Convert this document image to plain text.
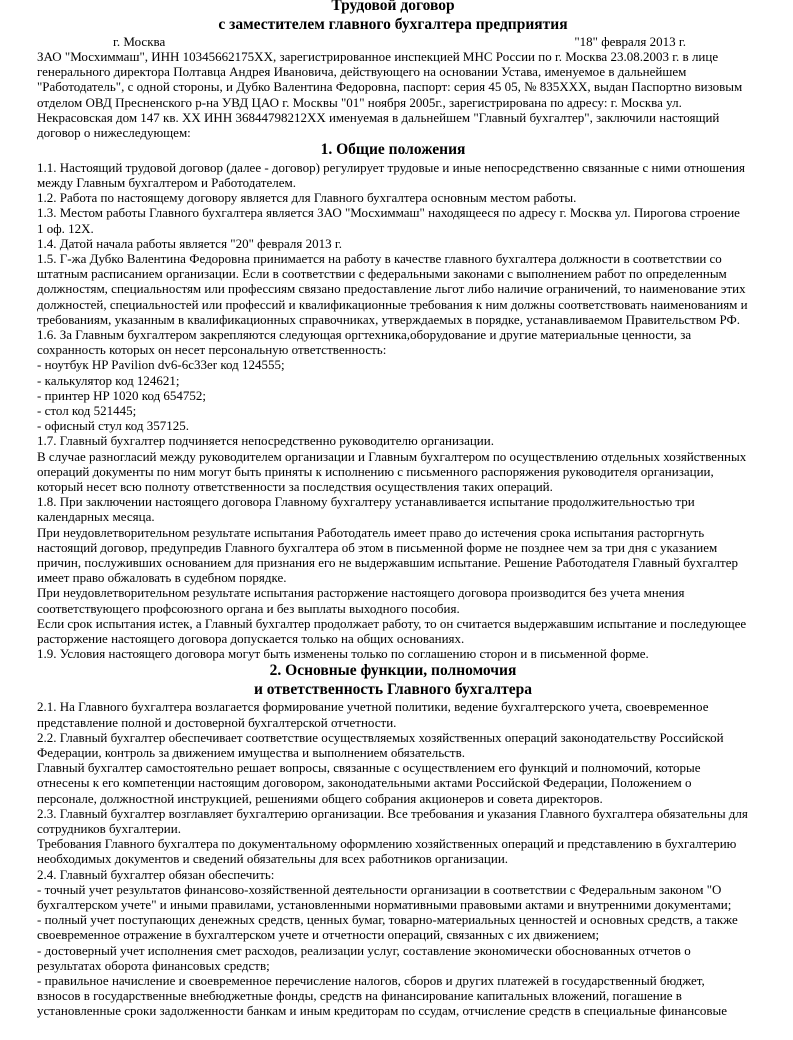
Трудовой договор
с заместителем главного бухгалтера предприятия
г. Москва	"18" февраля 2013 г.
ЗАО "Мосхиммаш", ИНН 10345662175XX, зарегистрированное инспекцией МНС России по г. Москва 23.08.2003 г. в лице генерального директора Полтавца Андрея Ивановича, действующего на основании Устава, именуемое в дальнейшем "Работодатель", с одной стороны, и Дубко Валентина Федоровна, паспорт: серия 45 05, № 835XXX, выдан Паспортно визовым отделом ОВД Пресненского р-на УВД ЦАО г. Москвы "01" ноября 2005г., зарегистрирована по адресу: г. Москва ул. Некрасовская дом 147 кв. XX ИНН 36844798212XX именуемая в дальнейшем "Главный бухгалтер", заключили настоящий договор о нижеследующем:
1. Общие положения
1.1. Настоящий трудовой договор (далее - договор) регулирует трудовые и иные непосредственно связанные с ними отношения между Главным бухгалтером и Работодателем.
1.2. Работа по настоящему договору является для Главного бухгалтера основным местом работы.
1.3. Местом работы Главного бухгалтера является ЗАО "Мосхиммаш" находящееся по адресу г. Москва ул. Пирогова строение 1 оф. 12X.
1.4. Датой начала работы является "20" февраля 2013 г.
1.5. Г-жа Дубко Валентина Федоровна принимается на работу в качестве главного бухгалтера должности в соответствии со штатным расписанием организации. Если в соответствии с федеральными законами с выполнением работ по определенным должностям, специальностям или профессиям связано предоставление льгот либо наличие ограничений, то наименование этих должностей, специальностей или профессий и квалификационные требования к ним должны соответствовать наименованиям и требованиям, указанным в квалификационных справочниках, утверждаемых в порядке, устанавливаемом Правительством РФ.
1.6. За Главным бухгалтером закрепляются следующая оргтехника,оборудование и другие материальные ценности, за сохранность которых он несет персональную ответственность:
- ноутбук HP Pavilion dv6-6c33er код 124555;
- калькулятор код 124621;
- принтер HP 1020 код 654752;
- стол код 521445;
- офисный стул код 357125.
1.7. Главный бухгалтер подчиняется непосредственно руководителю организации.
В случае разногласий между руководителем организации и Главным бухгалтером по осуществлению отдельных хозяйственных операций документы по ним могут быть приняты к исполнению с письменного распоряжения руководителя организации, который несет всю полноту ответственности за последствия осуществления таких операций.
1.8. При заключении настоящего договора Главному бухгалтеру устанавливается испытание продолжительностью три календарных месяца.
При неудовлетворительном результате испытания Работодатель имеет право до истечения срока испытания расторгнуть настоящий договор, предупредив Главного бухгалтера об этом в письменной форме не позднее чем за три дня с указанием причин, послуживших основанием для признания его не выдержавшим испытание. Решение Работодателя Главный бухгалтер имеет право обжаловать в судебном порядке.
При неудовлетворительном результате испытания расторжение настоящего договора производится без учета мнения соответствующего профсоюзного органа и без выплаты выходного пособия.
Если срок испытания истек, а Главный бухгалтер продолжает работу, то он считается выдержавшим испытание и последующее расторжение настоящего договора допускается только на общих основаниях.
1.9. Условия настоящего договора могут быть изменены только по соглашению сторон и в письменной форме.
2. Основные функции, полномочия
и ответственность Главного бухгалтера
2.1. На Главного бухгалтера возлагается формирование учетной политики, ведение бухгалтерского учета, своевременное представление полной и достоверной бухгалтерской отчетности.
2.2. Главный бухгалтер обеспечивает соответствие осуществляемых хозяйственных операций законодательству Российской Федерации, контроль за движением имущества и выполнением обязательств.
Главный бухгалтер самостоятельно решает вопросы, связанные с осуществлением его функций и полномочий, которые отнесены к его компетенции настоящим договором, законодательными актами Российской Федерации, Положением о персонале, должностной инструкцией, решениями общего собрания акционеров и совета директоров.
2.3. Главный бухгалтер возглавляет бухгалтерию организации. Все требования и указания Главного бухгалтера обязательны для сотрудников бухгалтерии.
Требования Главного бухгалтера по документальному оформлению хозяйственных операций и представлению в бухгалтерию необходимых документов и сведений обязательны для всех работников организации.
2.4. Главный бухгалтер обязан обеспечить:
- точный учет результатов финансово-хозяйственной деятельности организации в соответствии с Федеральным законом "О бухгалтерском учете" и иными правилами, установленными нормативными правовыми актами и внутренними документами;
- полный учет поступающих денежных средств, ценных бумаг, товарно-материальных ценностей и основных средств, а также своевременное отражение в бухгалтерском учете и отчетности операций, связанных с их движением;
- достоверный учет исполнения смет расходов, реализации услуг, составление экономически обоснованных отчетов о результатах оборота финансовых средств;
- правильное начисление и своевременное перечисление налогов, сборов и других платежей в государственный бюджет, взносов в государственные внебюджетные фонды, средств на финансирование капитальных вложений, погашение в установленные сроки задолженности банкам и иным кредиторам по ссудам, отчисление средств в специальные финансовые
